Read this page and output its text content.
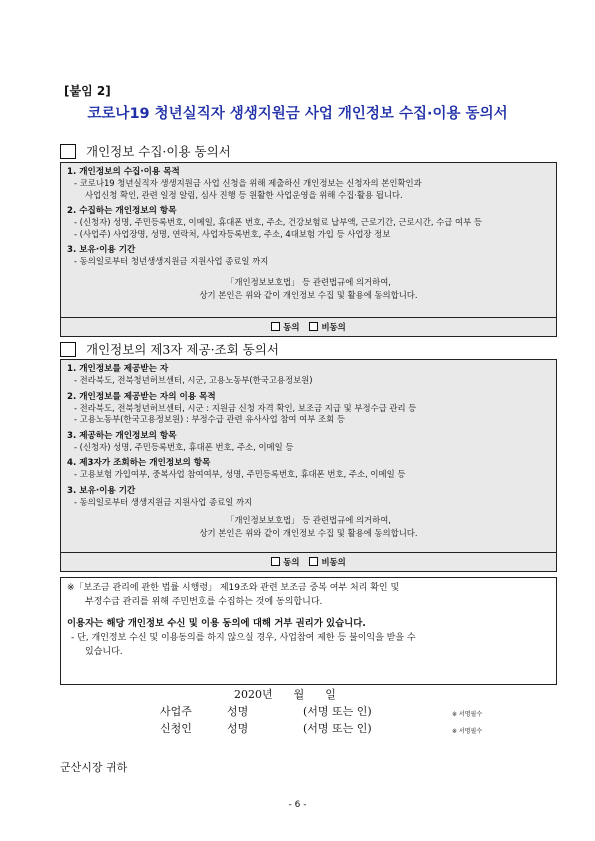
[붙임 2]
코로나19 청년실직자 생생지원금 사업 개인정보 수집·이용 동의서
개인정보 수집·이용 동의서
1. 개인정보의 수집·이용 목적
- 코로나19 청년실직자 생생지원금 사업 신청을 위해 제출하신 개인정보는 신청자의 본인확인과
사업신청 확인, 관련 일정 알림, 심사 진행 등 원활한 사업운영을 위해 수집·활용 됩니다.
2. 수집하는 개인정보의 항목
- (신청자) 성명, 주민등록번호, 이메일, 휴대폰 번호, 주소, 건강보험료 납부액, 근로기간, 근로시간, 수급 여부 등
- (사업주) 사업장명, 성명, 연락처, 사업자등록번호, 주소, 4대보험 가입 등 사업장 정보
3. 보유·이용 기간
- 동의일로부터 청년생생지원금 지원사업 종료일 까지
「개인정보보호법」 등 관련법규에 의거하여,
상기 본인은 위와 같이 개인정보 수집 및 활용에 동의합니다.
동의	비동의
개인정보의 제3자 제공·조회 동의서
1. 개인정보를 제공받는 자
- 전라북도, 전북청년허브센터, 시군, 고용노동부(한국고용정보원)
2. 개인정보를 제공받는 자의 이용 목적
- 전라북도, 전북청년허브센터, 시군 : 지원금 신청 자격 확인, 보조금 지급 및 부정수급 관리 등
- 고용노동부(한국고용정보원) : 부정수급 관련 유사사업 참여 여부 조회 등
3. 제공하는 개인정보의 항목
- (신청자) 성명, 주민등록번호, 휴대폰 번호, 주소, 이메일 등
4. 제3자가 조회하는 개인정보의 항목
- 고용보험 가입여부, 중복사업 참여여부, 성명, 주민등록번호, 휴대폰 번호, 주소, 이메일 등
3. 보유·이용 기간
- 동의일로부터 생생지원금 지원사업 종료일 까지
「개인정보보호법」 등 관련법규에 의거하여,
상기 본인은 위와 같이 개인정보 수집 및 활용에 동의합니다.
동의	비동의
※「보조금 관리에 관한 법률 시행령」 제19조와 관련 보조금 중복 여부 처리 확인 및
부정수급 관리를 위해 주민번호를 수집하는 것에 동의합니다.
이용자는 해당 개인정보 수신 및 이용 동의에 대해 거부 권리가 있습니다.
- 단, 개인정보 수신 및 이용동의를 하지 않으실 경우, 사업참여 제한 등 불이익을 받을 수
있습니다.
2020년      월      일
사업주	성명	(서명 또는 인)	※ 서명필수
신청인	성명	(서명 또는 인)	※ 서명필수
군산시장 귀하
- 6 -
